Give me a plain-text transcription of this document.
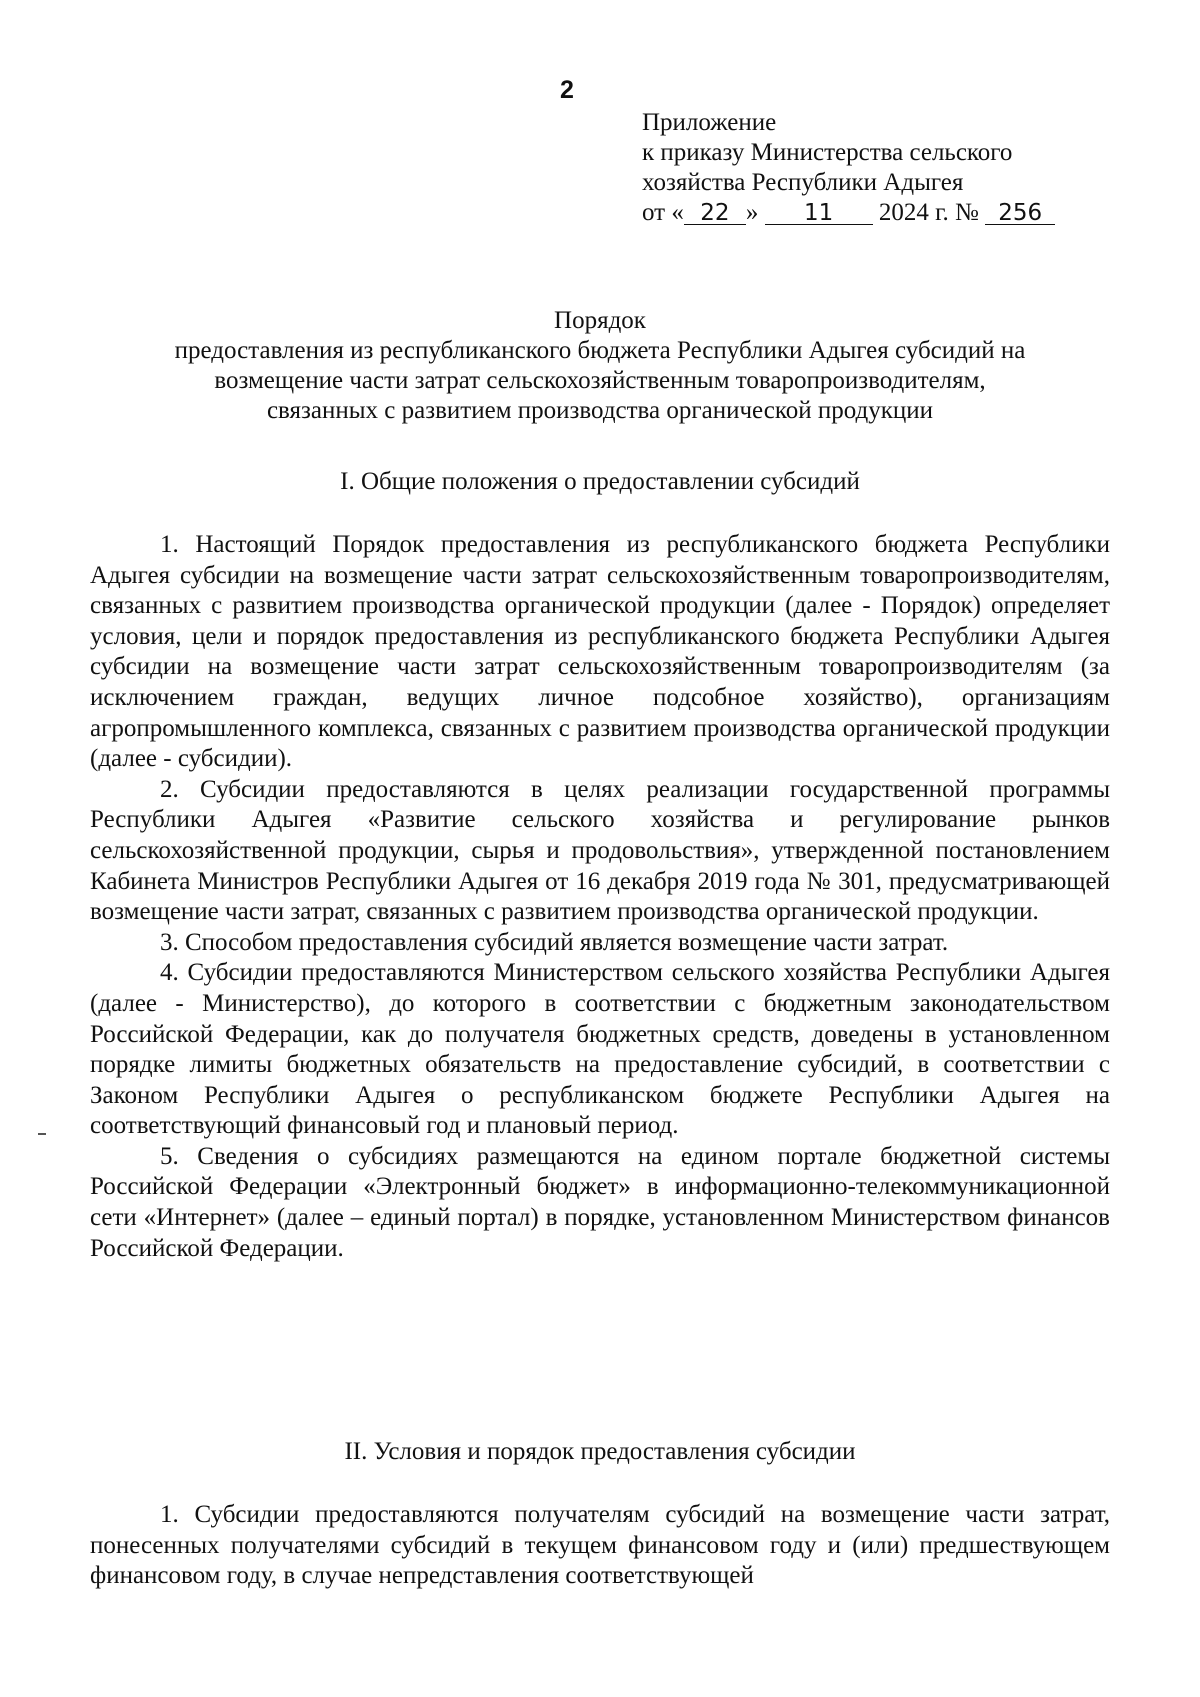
2
Приложение
к приказу Министерства сельского
хозяйства Республики Адыгея
от « 22 » 11 2024 г. № 256
Порядок
предоставления из республиканского бюджета Республики Адыгея субсидий на
возмещение части затрат сельскохозяйственным товаропроизводителям,
связанных с развитием производства органической продукции
I. Общие положения о предоставлении субсидий

1. Настоящий Порядок предоставления из республиканского бюджета Республики Адыгея субсидии на возмещение части затрат сельскохозяйственным товаропроизводителям, связанных с развитием производства органической продукции (далее - Порядок) определяет условия, цели и порядок предоставления из республиканского бюджета Республики Адыгея субсидии на возмещение части затрат сельскохозяйственным товаропроизводителям (за исключением граждан, ведущих личное подсобное хозяйство), организациям агропромышленного комплекса, связанных с развитием производства органической продукции (далее - субсидии).

2. Субсидии предоставляются в целях реализации государственной программы Республики Адыгея «Развитие сельского хозяйства и регулирование рынков сельскохозяйственной продукции, сырья и продовольствия», утвержденной постановлением Кабинета Министров Республики Адыгея от 16 декабря 2019 года № 301, предусматривающей возмещение части затрат, связанных с развитием производства органической продукции.

3. Способом предоставления субсидий является возмещение части затрат.

4. Субсидии предоставляются Министерством сельского хозяйства Республики Адыгея (далее - Министерство), до которого в соответствии с бюджетным законодательством Российской Федерации, как до получателя бюджетных средств, доведены в установленном порядке лимиты бюджетных обязательств на предоставление субсидий, в соответствии с Законом Республики Адыгея о республиканском бюджете Республики Адыгея на соответствующий финансовый год и плановый период.

5. Сведения о субсидиях размещаются на едином портале бюджетной системы Российской Федерации «Электронный бюджет» в информационно-телекоммуникационной сети «Интернет» (далее – единый портал) в порядке, установленном Министерством финансов Российской Федерации.

II. Условия и порядок предоставления субсидии

1. Субсидии предоставляются получателям субсидий на возмещение части затрат, понесенных получателями субсидий в текущем финансовом году и (или) предшествующем финансовом году, в случае непредставления соответствующей
